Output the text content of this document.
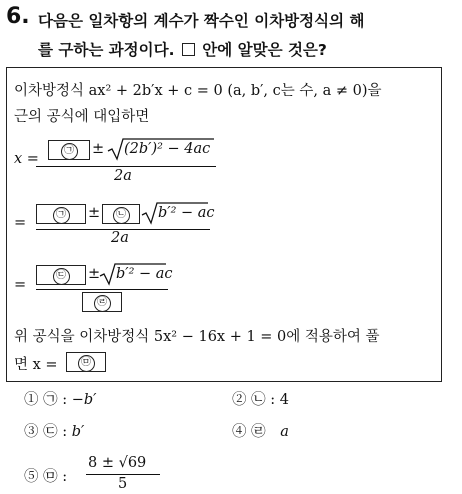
6. 다음은 일차항의 계수가 짝수인 이차방정식의 해
를 구하는 과정이다. 안에 알맞은 것은?
이차방정식 ax² + 2b′x + c = 0 (a, b′, c는 수, a ≠ 0)을
근의 공식에 대입하면
x =
㉠	± (2b′)² − 4ac
2a
=
㉠	±	㉡	b′² − ac
2a
=
㉢	± b′² − ac
㉣
위 공식을 이차방정식 5x² − 16x + 1 = 0에 적용하여 풀
면 x =	㉤
① ㉠ : −b′	② ㉡ : 4
③ ㉢ : b′	④ ㉣ a
⑤ ㉤ :
8 ± √69
5
